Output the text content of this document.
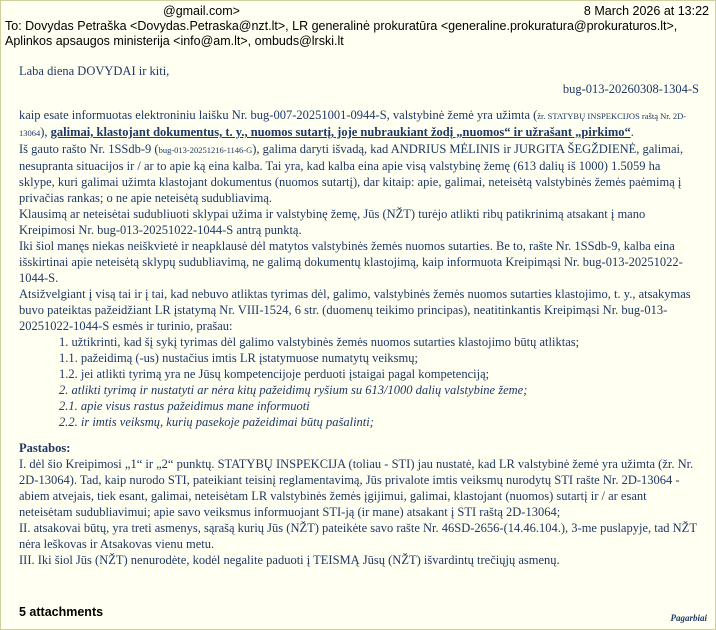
@gmail.com>	8 March 2026 at 13:22
To: Dovydas Petraška <Dovydas.Petraska@nzt.lt>, LR generalinė prokuratūra <generaline.prokuratura@prokuraturos.lt>,
Aplinkos apsaugos ministerija <info@am.lt>, ombuds@lrski.lt

Laba diena DOVYDAI ir kiti,

bug-013-20260308-1304-S

kaip esate informuotas elektroniniu laišku Nr. bug-007-20251001-0944-S, valstybinė žemė yra užimta (žr. STATYBŲ INSPEKCIJOS raštą Nr. 2D-13064), galimai, klastojant dokumentus, t. y., nuomos sutartį, joje nubraukiant žodį „nuomos“ ir užrašant „pirkimo“.

Iš gauto rašto Nr. 1SSdb-9 (bug-013-20251216-1146-G), galima daryti išvadą, kad ANDRIUS MĖLINIS ir JURGITA ŠEGŽDIENĖ, galimai, nesupranta situacijos ir / ar to apie ką eina kalba. Tai yra, kad kalba eina apie visą valstybinę žemę (613 dalių iš 1000) 1.5059 ha sklype, kuri galimai užimta klastojant dokumentus (nuomos sutartį), dar kitaip: apie, galimai, neteisėtą valstybinės žemės paėmimą į privačias rankas; o ne apie neteisėtą sudubliavimą.

Klausimą ar neteisėtai sudubliuoti sklypai užima ir valstybinę žemę, Jūs (NŽT) turėjo atlikti ribų patikrinimą atsakant į mano Kreipimosi Nr. bug-013-20251022-1044-S antrą punktą.

Iki šiol manęs niekas neiškvietė ir neapklausė dėl matytos valstybinės žemės nuomos sutarties. Be to, rašte Nr. 1SSdb-9, kalba eina išskirtinai apie neteisėtą sklypų sudubliavimą, ne galimą dokumentų klastojimą, kaip informuota Kreipimąsi Nr. bug-013-20251022-1044-S.

Atsižvelgiant į visą tai ir į tai, kad nebuvo atliktas tyrimas dėl, galimo, valstybinės žemės nuomos sutarties klastojimo, t. y., atsakymas buvo pateiktas pažeidžiant LR įstatymą Nr. VIII-1524, 6 str. (duomenų teikimo principas), neatitinkantis Kreipimąsi Nr. bug-013-20251022-1044-S esmės ir turinio, prašau:

1. užtikrinti, kad šį sykį tyrimas dėl galimo valstybinės žemės nuomos sutarties klastojimo būtų atliktas;
1.1. pažeidimą (-us) nustačius imtis LR įstatymuose numatytų veiksmų;
1.2. jei atlikti tyrimą yra ne Jūsų kompetencijoje perduoti įstaigai pagal kompetenciją;
2. atlikti tyrimą ir nustatyti ar nėra kitų pažeidimų ryšium su 613/1000 dalių valstybine žeme;
2.1. apie visus rastus pažeidimus mane informuoti
2.2. ir imtis veiksmų, kurių pasekoje pažeidimai būtų pašalinti;

Pastabos:

I. dėl šio Kreipimosi „1“ ir „2“ punktų. STATYBŲ INSPEKCIJA (toliau - STI) jau nustatė, kad LR valstybinė žemė yra užimta (žr. Nr. 2D-13064). Tad, kaip nurodo STI, pateikiant teisinį reglamentavimą, Jūs privalote imtis veiksmų nurodytų STI rašte Nr. 2D-13064 - abiem atvejais, tiek esant, galimai, neteisėtam LR valstybinės žemės įgijimui, galimai, klastojant (nuomos) sutartį ir / ar esant neteisėtam sudubliavimui; apie savo veiksmus informuojant STI-ją (ir mane) atsakant į STI raštą 2D-13064;

II. atsakovai būtų, yra treti asmenys, sąrašą kurių Jūs (NŽT) pateikėte savo rašte Nr. 46SD-2656-(14.46.104.), 3-me puslapyje, tad NŽT nėra leškovas ir Atsakovas vienu metu.

III. Iki šiol Jūs (NŽT) nenurodėte, kodėl negalite paduoti į TEISMĄ Jūsų (NŽT) išvardintų trečiųjų asmenų.

5 attachments	Pagarbiai
